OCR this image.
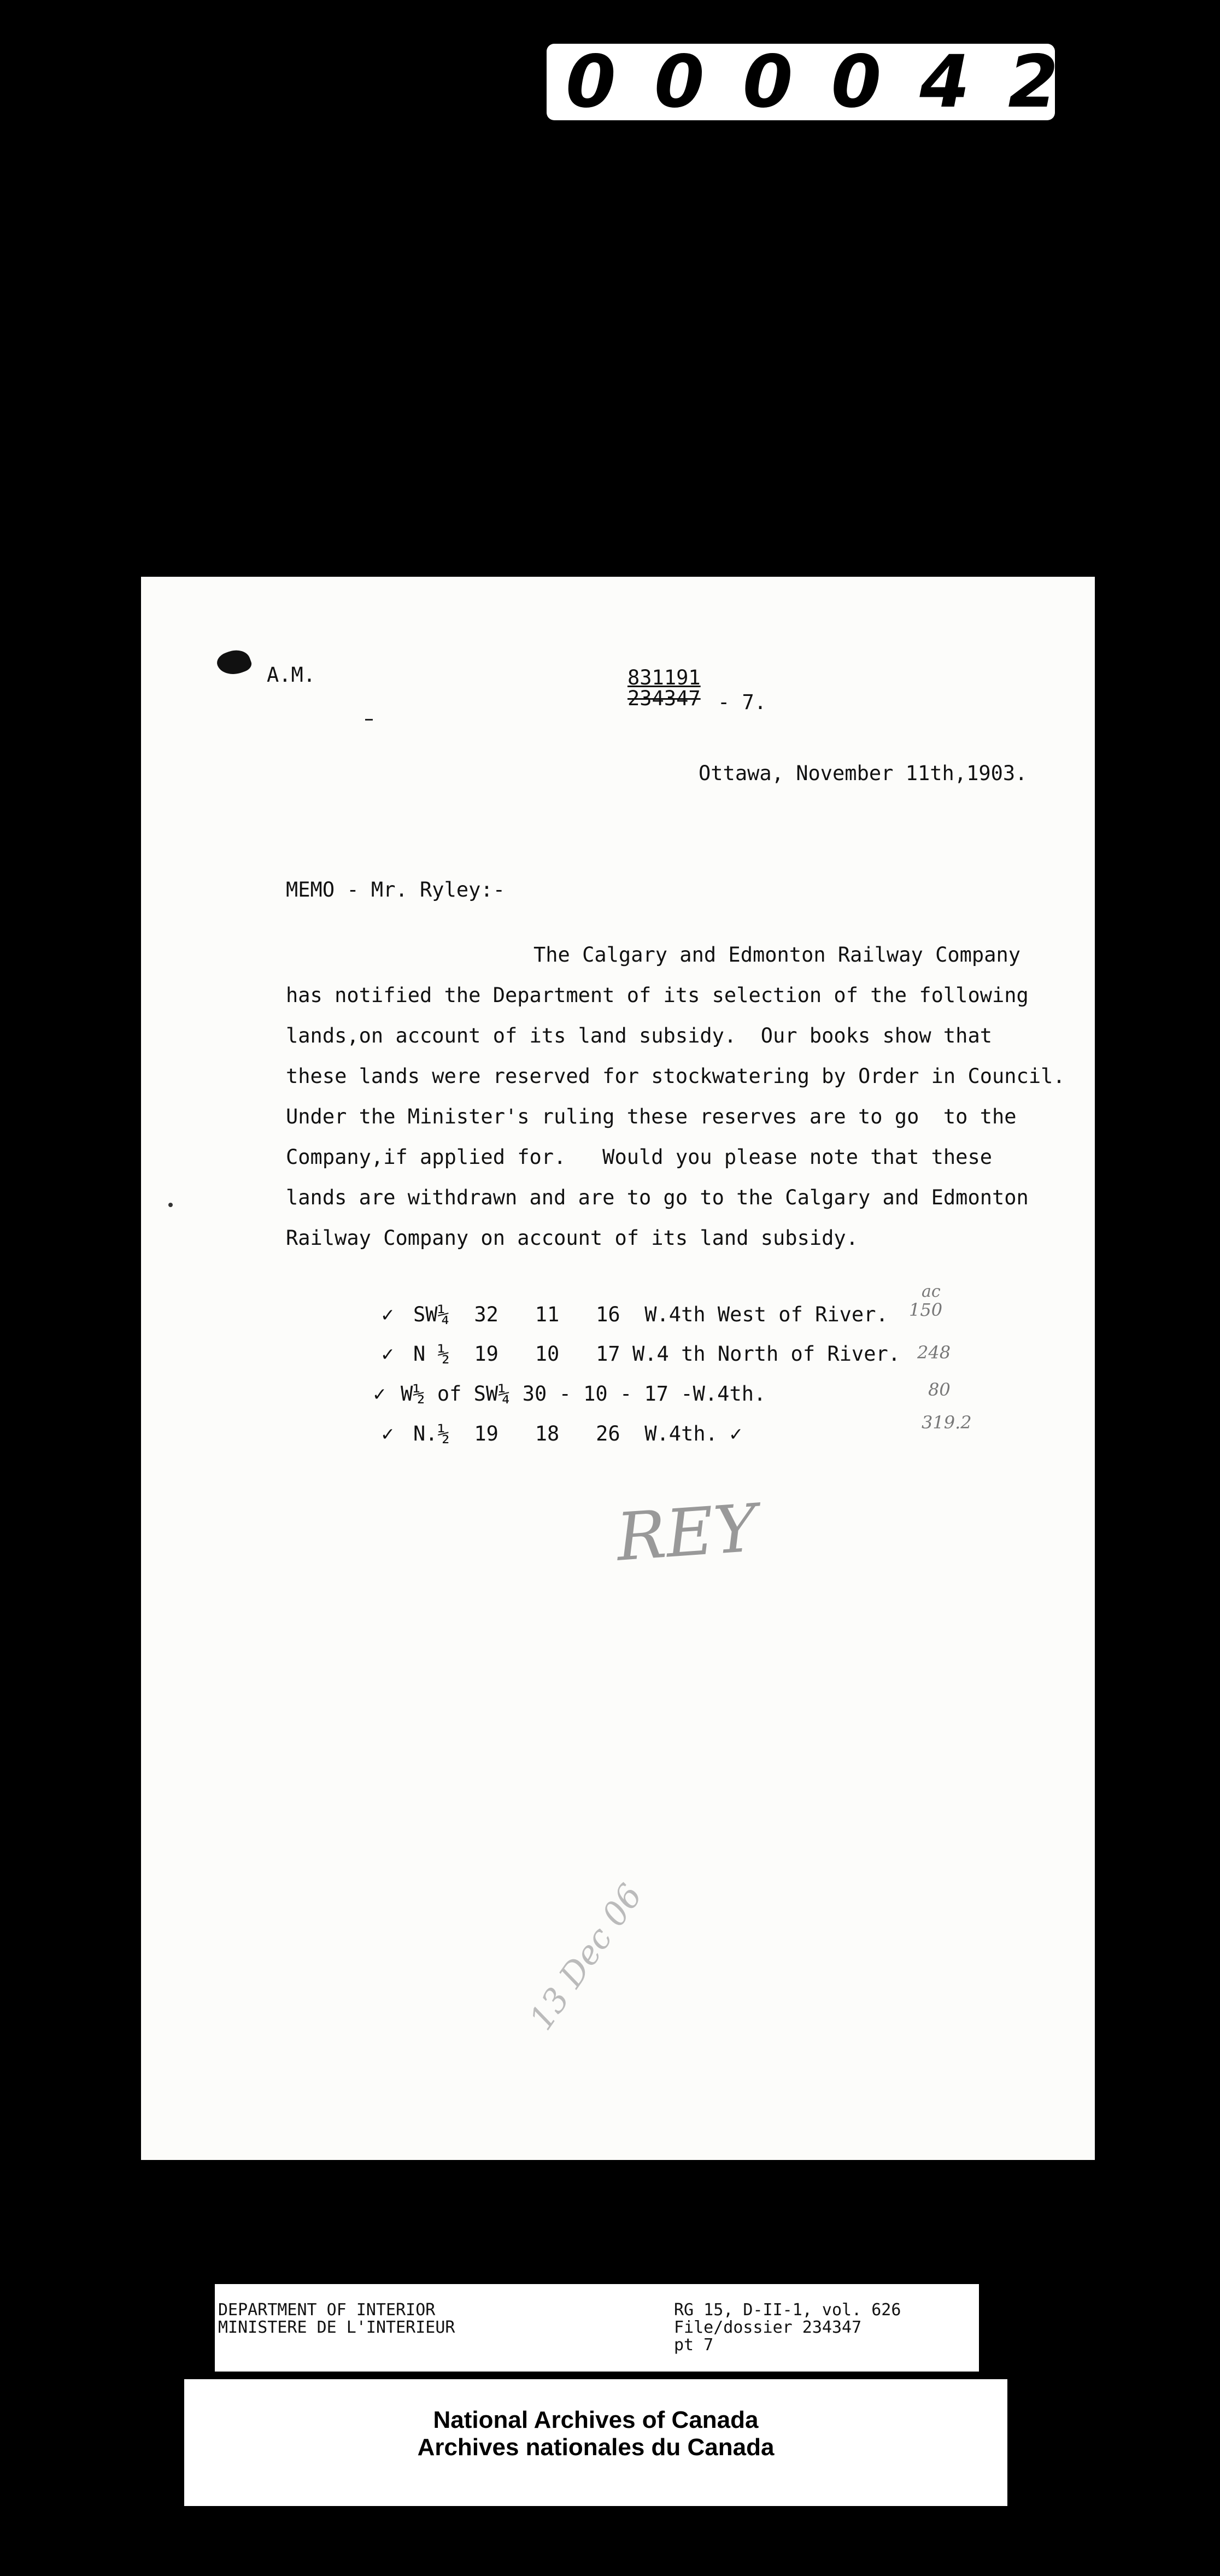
000042
A.M.	831191
234347 - 7.
Ottawa, November 11th,1903.
MEMO - Mr. Ryley:-
The Calgary and Edmonton Railway Company
has notified the Department of its selection of the following
lands,on account of its land subsidy.  Our books show that
these lands were reserved for stockwatering by Order in Council.
Under the Minister's ruling these reserves are to go  to the
Company,if applied for.   Would you please note that these
lands are withdrawn and are to go to the Calgary and Edmonton
Railway Company on account of its land subsidy.
ac
✓ SW¼  32   11   16  W.4th West of River. 150
✓ N ½  19   10   17 W.4 th North of River. 248
✓ W½ of SW¼ 30 - 10 - 17 -W.4th.	80
✓ N.½  19   18   26  W.4th. ✓	319.2
REY
13 Dec 06
DEPARTMENT OF INTERIOR
MINISTERE DE L'INTERIEUR
RG 15, D-II-1, vol. 626
File/dossier 234347
pt 7
National Archives of Canada
Archives nationales du Canada
